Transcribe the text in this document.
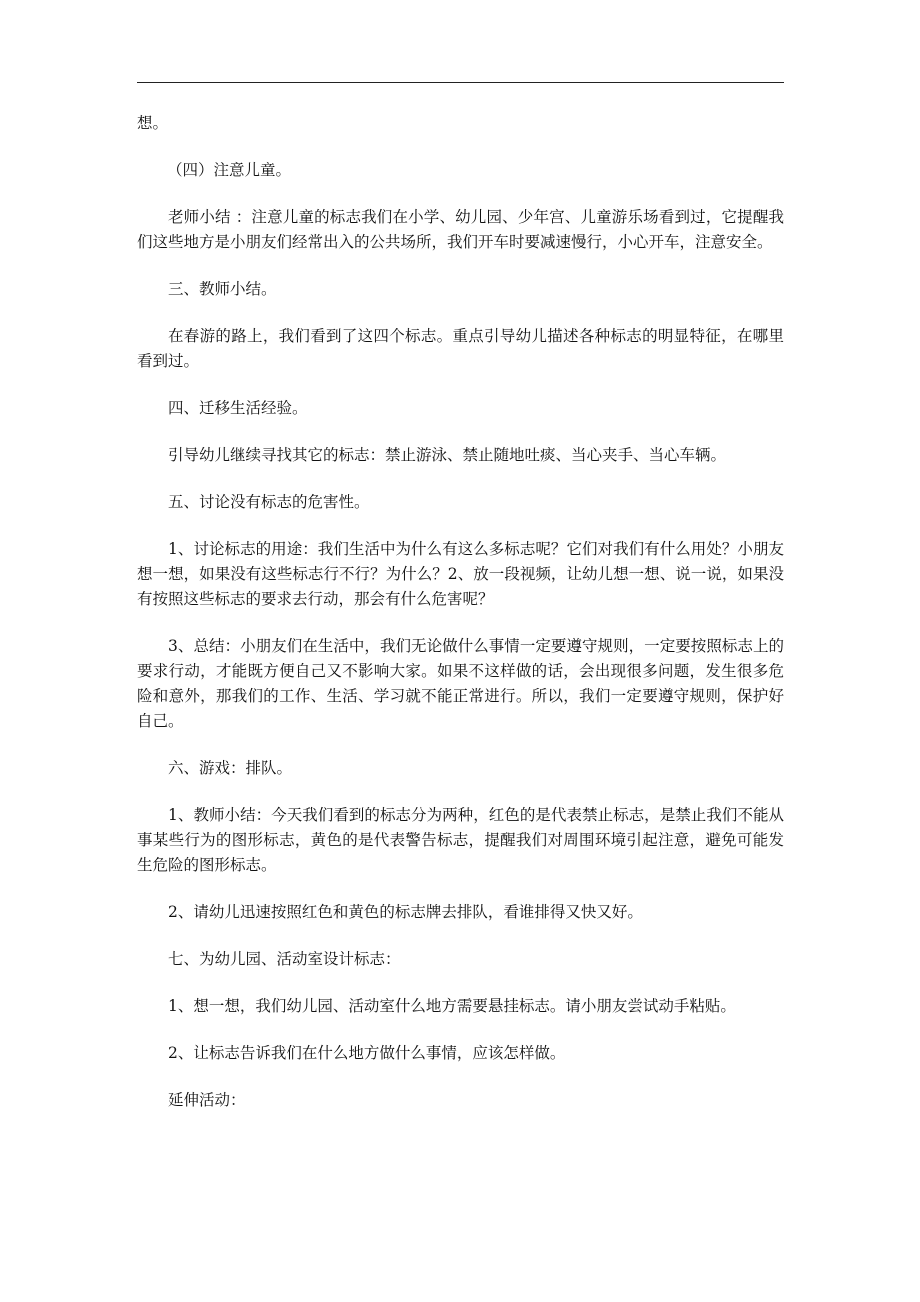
想。

（四）注意儿童。

老师小结 ：注意儿童的标志我们在小学、幼儿园、少年宫、儿童游乐场看到过，它提醒我们这些地方是小朋友们经常出入的公共场所，我们开车时要减速慢行，小心开车，注意安全。

三、教师小结。

在春游的路上，我们看到了这四个标志。重点引导幼儿描述各种标志的明显特征，在哪里看到过。

四、迁移生活经验。

引导幼儿继续寻找其它的标志：禁止游泳、禁止随地吐痰、当心夹手、当心车辆。

五、讨论没有标志的危害性。

1、讨论标志的用途：我们生活中为什么有这么多标志呢？它们对我们有什么用处？小朋友想一想，如果没有这些标志行不行？为什么？2、放一段视频，让幼儿想一想、说一说，如果没有按照这些标志的要求去行动，那会有什么危害呢？

3、总结：小朋友们在生活中，我们无论做什么事情一定要遵守规则，一定要按照标志上的要求行动，才能既方便自己又不影响大家。如果不这样做的话，会出现很多问题，发生很多危险和意外，那我们的工作、生活、学习就不能正常进行。所以，我们一定要遵守规则，保护好自己。

六、游戏：排队。

1、教师小结：今天我们看到的标志分为两种，红色的是代表禁止标志，是禁止我们不能从事某些行为的图形标志，黄色的是代表警告标志，提醒我们对周围环境引起注意，避免可能发生危险的图形标志。

2、请幼儿迅速按照红色和黄色的标志牌去排队，看谁排得又快又好。

七、为幼儿园、活动室设计标志：

1、想一想，我们幼儿园、活动室什么地方需要悬挂标志。请小朋友尝试动手粘贴。

2、让标志告诉我们在什么地方做什么事情，应该怎样做。

延伸活动：
